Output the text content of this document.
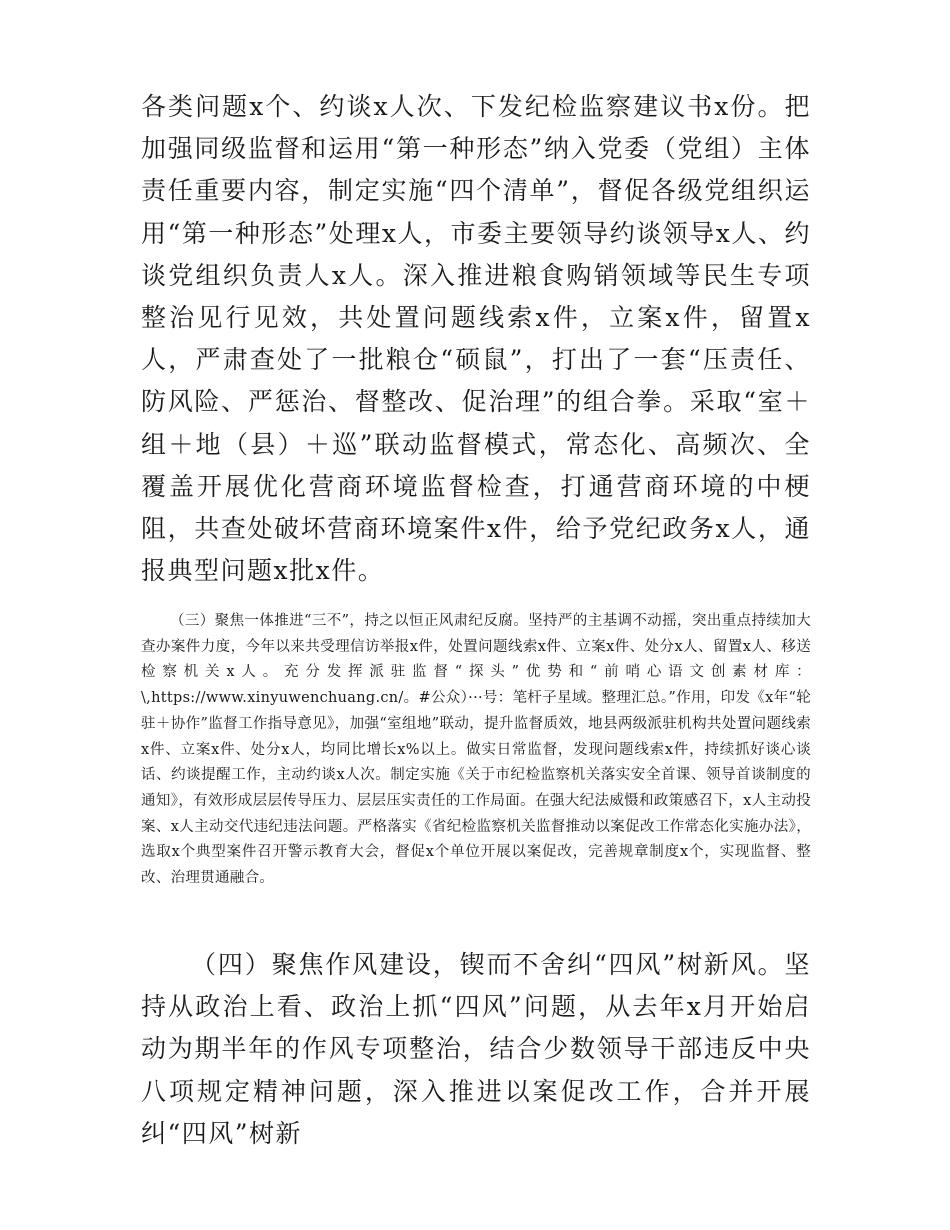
各类问题x个、约谈x人次、下发纪检监察建议书x份。把加强同级监督和运用“第一种形态”纳入党委（党组）主体责任重要内容，制定实施“四个清单”，督促各级党组织运用“第一种形态”处理x人，市委主要领导约谈领导x人、约谈党组织负责人x人。深入推进粮食购销领域等民生专项整治见行见效，共处置问题线索x件，立案x件，留置x人，严肃查处了一批粮仓“硕鼠”，打出了一套“压责任、防风险、严惩治、督整改、促治理”的组合拳。采取“室＋组＋地（县）＋巡”联动监督模式，常态化、高频次、全覆盖开展优化营商环境监督检查，打通营商环境的中梗阻，共查处破坏营商环境案件x件，给予党纪政务x人，通报典型问题x批x件。

（三）聚焦一体推进“三不”，持之以恒正风肃纪反腐。坚持严的主基调不动摇，突出重点持续加大查办案件力度，今年以来共受理信访举报x件，处置问题线索x件、立案x件、处分x人、留置x人、移送检察机关x人。充分发挥派驻监督“探头”优势和“前哨心语文创素材库：\,https://www.xinyuwenchuang.cn/。#公众）···号：笔杆子星域。整理汇总。”作用，印发《x年“轮驻＋协作”监督工作指导意见》，加强“室组地”联动，提升监督质效，地县两级派驻机构共处置问题线索x件、立案x件、处分x人，均同比增长x%以上。做实日常监督，发现问题线索x件，持续抓好谈心谈话、约谈提醒工作，主动约谈x人次。制定实施《关于市纪检监察机关落实安全首课、领导首谈制度的通知》，有效形成层层传导压力、层层压实责任的工作局面。在强大纪法威慑和政策感召下，x人主动投案、x人主动交代违纪违法问题。严格落实《省纪检监察机关监督推动以案促改工作常态化实施办法》，选取x个典型案件召开警示教育大会，督促x个单位开展以案促改，完善规章制度x个，实现监督、整改、治理贯通融合。

（四）聚焦作风建设，锲而不舍纠“四风”树新风。坚持从政治上看、政治上抓“四风”问题，从去年x月开始启动为期半年的作风专项整治，结合少数领导干部违反中央八项规定精神问题，深入推进以案促改工作，合并开展纠“四风”树新
